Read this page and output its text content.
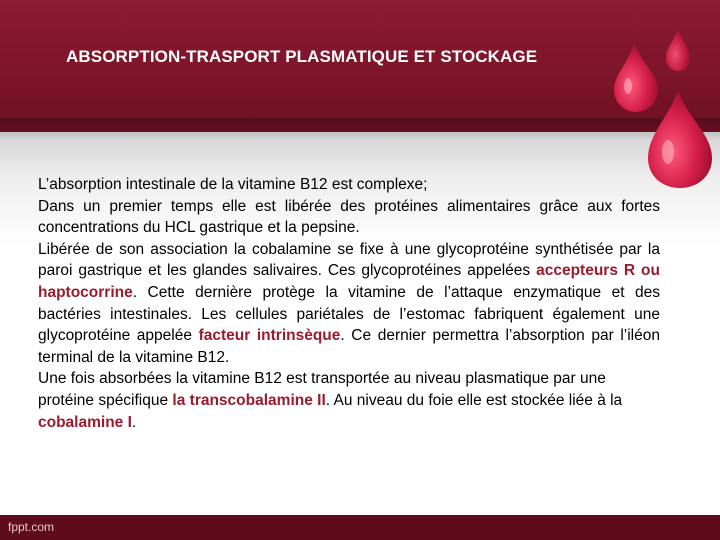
ABSORPTION-TRASPORT PLASMATIQUE ET STOCKAGE

L’absorption intestinale de la vitamine B12 est complexe;

Dans un premier temps elle est libérée des protéines alimentaires grâce aux fortes concentrations du HCL gastrique et la pepsine.

Libérée de son association la cobalamine se fixe à une glycoprotéine synthétisée par la paroi gastrique et les glandes salivaires. Ces glycoprotéines appelées accepteurs R ou haptocorrine. Cette dernière protège la vitamine de l’attaque enzymatique et des bactéries intestinales. Les cellules pariétales de l’estomac fabriquent également une glycoprotéine appelée facteur intrinsèque. Ce dernier permettra l’absorption par l’iléon terminal de la vitamine B12.

Une fois absorbées la vitamine B12 est transportée au niveau plasmatique par une protéine spécifique la transcobalamine II. Au niveau du foie elle est stockée liée à la cobalamine I.

fppt.com
